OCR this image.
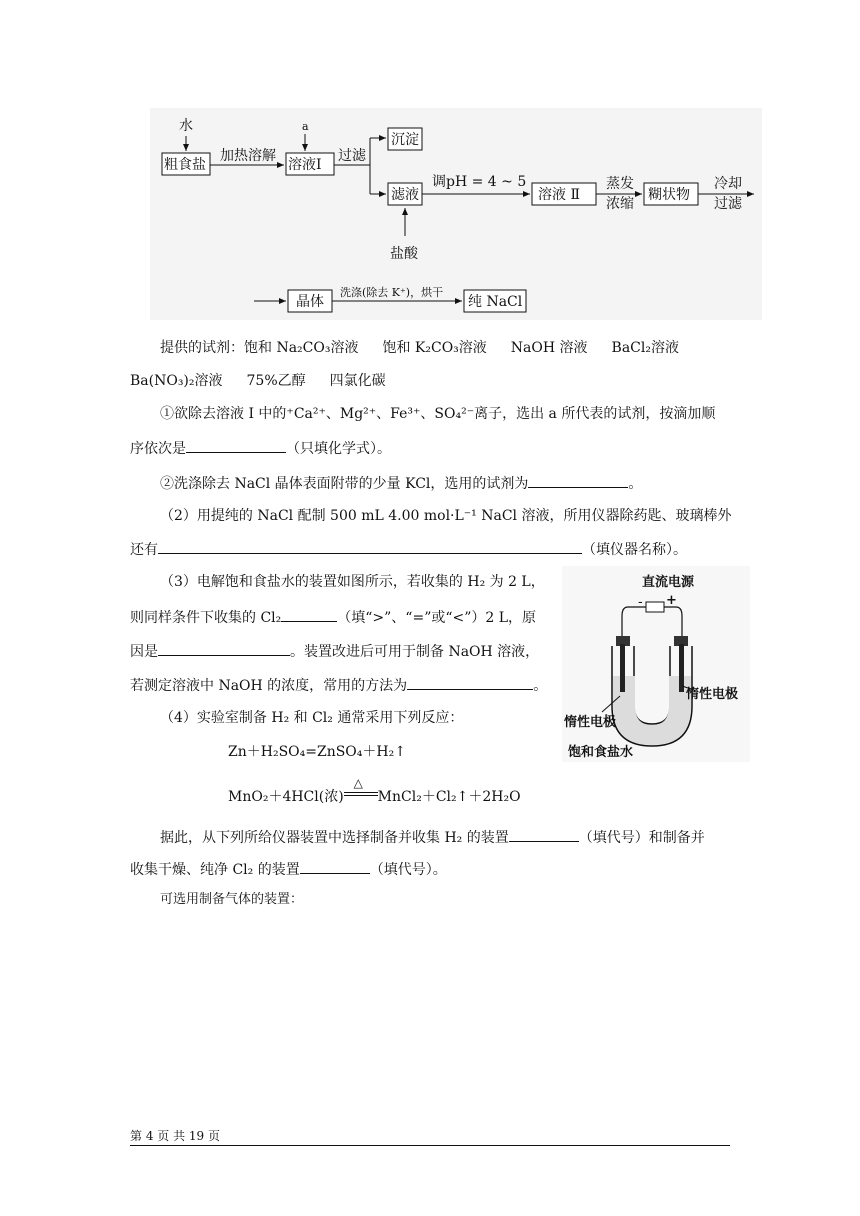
水
粗食盐
加热溶解
a
溶液Ⅰ
过滤
沉淀
滤液
调pH = 4 ~ 5
溶液 Ⅱ
蒸发
浓缩
糊状物
冷却
过滤
盐酸
晶体
洗涤(除去 K⁺)，烘干
纯 NaCl
提供的试剂：饱和 Na₂CO₃溶液 饱和 K₂CO₃溶液 NaOH 溶液 BaCl₂溶液
Ba(NO₃)₂溶液 75%乙醇 四氯化碳
①欲除去溶液 I 中的⁺Ca²⁺、Mg²⁺、Fe³⁺、SO₄²⁻离子，选出 a 所代表的试剂，按滴加顺
序依次是	（只填化学式）。
②洗涤除去 NaCl 晶体表面附带的少量 KCl，选用的试剂为	。
（2）用提纯的 NaCl 配制 500 mL 4.00 mol·L⁻¹ NaCl 溶液，所用仪器除药匙、玻璃棒外
还有	（填仪器名称）。
（3）电解饱和食盐水的装置如图所示，若收集的 H₂ 为 2 L，
则同样条件下收集的 Cl₂	（填“>”、“=”或“<”）2 L，原
因是	。装置改进后可用于制备 NaOH 溶液，
若测定溶液中 NaOH 的浓度，常用的方法为	。
直流电源
- +
惰性电极
惰性电极
饱和食盐水
（4）实验室制备 H₂ 和 Cl₂ 通常采用下列反应：
Zn＋H₂SO₄=ZnSO₄＋H₂↑
MnO₂＋4HCl(浓)
△
MnCl₂＋Cl₂↑＋2H₂O
据此，从下列所给仪器装置中选择制备并收集 H₂ 的装置	（填代号）和制备并
收集干燥、纯净 Cl₂ 的装置	（填代号）。
可选用制备气体的装置：
第 4 页 共 19 页
